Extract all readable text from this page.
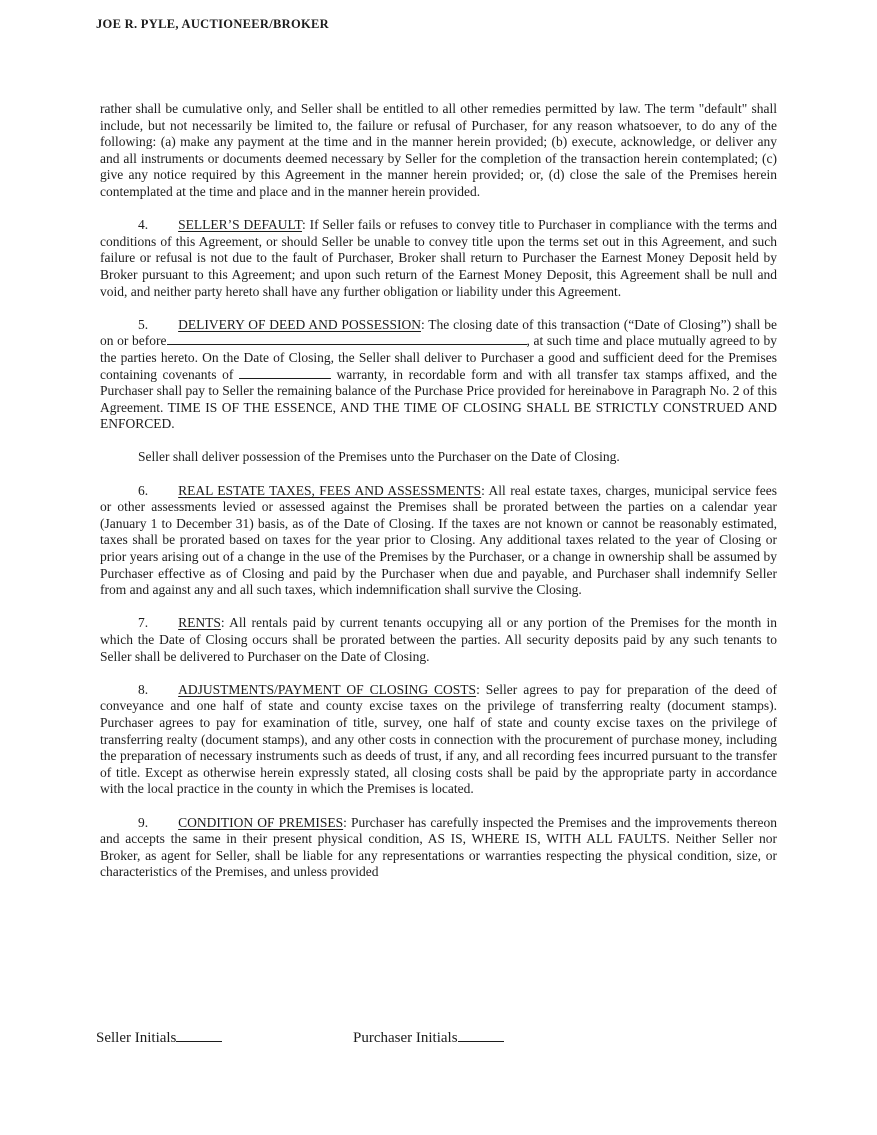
JOE R. PYLE, AUCTIONEER/BROKER

rather shall be cumulative only, and Seller shall be entitled to all other remedies permitted by law. The term "default" shall include, but not necessarily be limited to, the failure or refusal of Purchaser, for any reason whatsoever, to do any of the following: (a) make any payment at the time and in the manner herein provided; (b) execute, acknowledge, or deliver any and all instruments or documents deemed necessary by Seller for the completion of the transaction herein contemplated; (c) give any notice required by this Agreement in the manner herein provided; or, (d) close the sale of the Premises herein contemplated at the time and place and in the manner herein provided.

4. SELLER’S DEFAULT: If Seller fails or refuses to convey title to Purchaser in compliance with the terms and conditions of this Agreement, or should Seller be unable to convey title upon the terms set out in this Agreement, and such failure or refusal is not due to the fault of Purchaser, Broker shall return to Purchaser the Earnest Money Deposit held by Broker pursuant to this Agreement; and upon such return of the Earnest Money Deposit, this Agreement shall be null and void, and neither party hereto shall have any further obligation or liability under this Agreement.

5. DELIVERY OF DEED AND POSSESSION: The closing date of this transaction (“Date of Closing”) shall be on or before	, at such time and place mutually agreed to by the parties hereto. On the Date of Closing, the Seller shall deliver to Purchaser a good and sufficient deed for the Premises containing covenants of	warranty, in recordable form and with all transfer tax stamps affixed, and the Purchaser shall pay to Seller the remaining balance of the Purchase Price provided for hereinabove in Paragraph No. 2 of this Agreement. TIME IS OF THE ESSENCE, AND THE TIME OF CLOSING SHALL BE STRICTLY CONSTRUED AND ENFORCED.

Seller shall deliver possession of the Premises unto the Purchaser on the Date of Closing.

6. REAL ESTATE TAXES, FEES AND ASSESSMENTS: All real estate taxes, charges, municipal service fees or other assessments levied or assessed against the Premises shall be prorated between the parties on a calendar year (January 1 to December 31) basis, as of the Date of Closing. If the taxes are not known or cannot be reasonably estimated, taxes shall be prorated based on taxes for the year prior to Closing. Any additional taxes related to the year of Closing or prior years arising out of a change in the use of the Premises by the Purchaser, or a change in ownership shall be assumed by Purchaser effective as of Closing and paid by the Purchaser when due and payable, and Purchaser shall indemnify Seller from and against any and all such taxes, which indemnification shall survive the Closing.

7. RENTS: All rentals paid by current tenants occupying all or any portion of the Premises for the month in which the Date of Closing occurs shall be prorated between the parties. All security deposits paid by any such tenants to Seller shall be delivered to Purchaser on the Date of Closing.

8. ADJUSTMENTS/PAYMENT OF CLOSING COSTS: Seller agrees to pay for preparation of the deed of conveyance and one half of state and county excise taxes on the privilege of transferring realty (document stamps). Purchaser agrees to pay for examination of title, survey, one half of state and county excise taxes on the privilege of transferring realty (document stamps), and any other costs in connection with the procurement of purchase money, including the preparation of necessary instruments such as deeds of trust, if any, and all recording fees incurred pursuant to the transfer of title. Except as otherwise herein expressly stated, all closing costs shall be paid by the appropriate party in accordance with the local practice in the county in which the Premises is located.

9. CONDITION OF PREMISES: Purchaser has carefully inspected the Premises and the improvements thereon and accepts the same in their present physical condition, AS IS, WHERE IS, WITH ALL FAULTS. Neither Seller nor Broker, as agent for Seller, shall be liable for any representations or warranties respecting the physical condition, size, or characteristics of the Premises, and unless provided

Seller Initials	Purchaser Initials
